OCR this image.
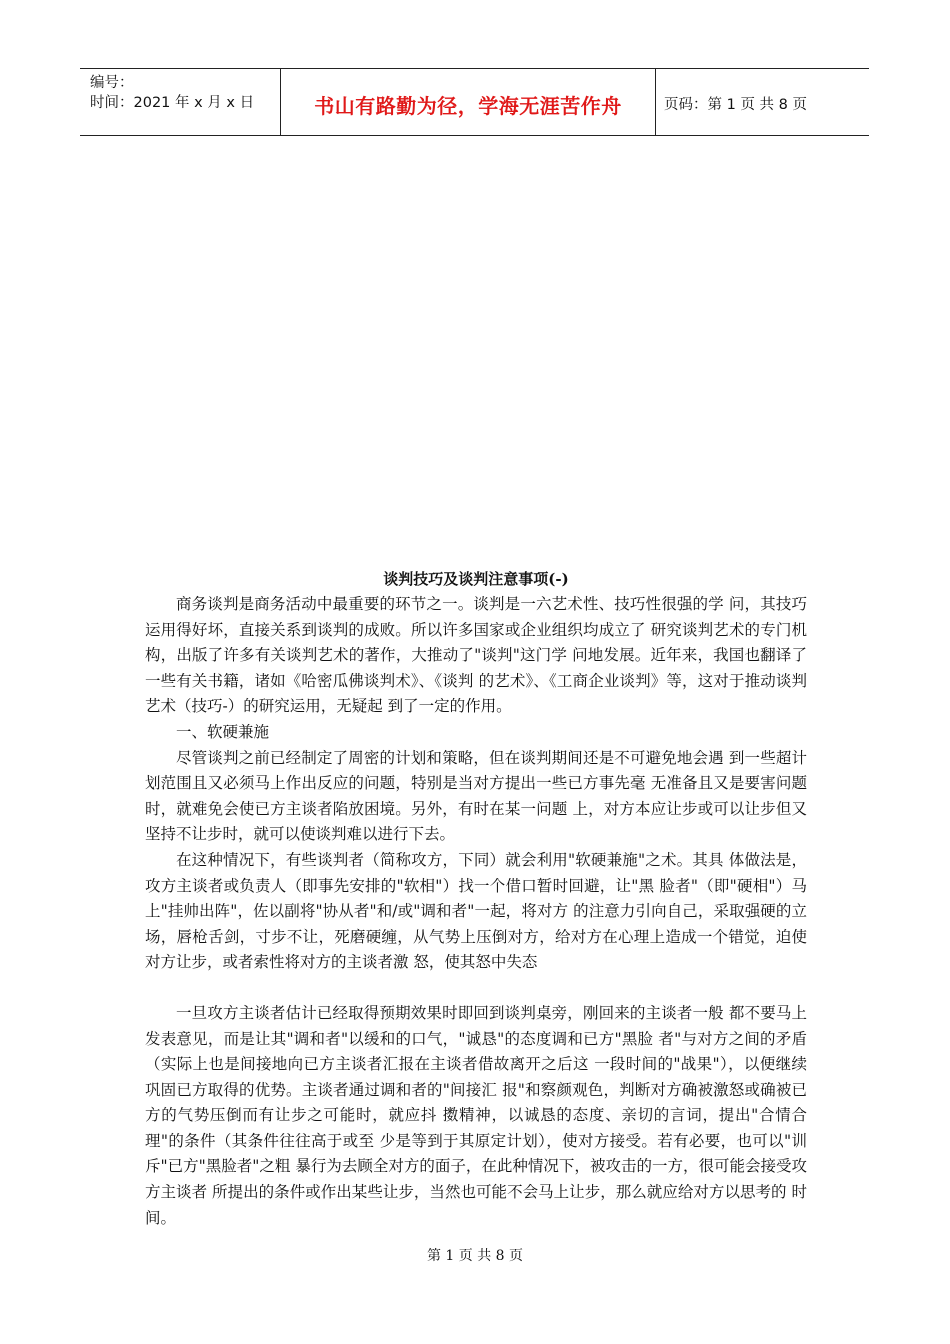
编号：
时间：2021 年 x 月 x 日	书山有路勤为径，学海无涯苦作舟	页码：第 1 页 共 8 页
谈判技巧及谈判注意事项(-)

商务谈判是商务活动中最重要的环节之一。谈判是一六艺术性、技巧性很强的学 问，其技巧运用得好坏，直接关系到谈判的成败。所以许多国家或企业组织均成立了 研究谈判艺术的专门机构，出版了许多有关谈判艺术的著作，大推动了"谈判"这门学 问地发展。近年来，我国也翻译了一些有关书籍，诸如《哈密瓜佛谈判术》、《谈判 的艺术》、《工商企业谈判》等，这对于推动谈判艺术（技巧-）的研究运用，无疑起 到了一定的作用。

一、软硬兼施

尽管谈判之前已经制定了周密的计划和策略，但在谈判期间还是不可避免地会遇 到一些超计划范围且又必须马上作出反应的问题，特别是当对方提出一些已方事先毫 无准备且又是要害问题时，就难免会使已方主谈者陷放困境。另外，有时在某一问题 上，对方本应让步或可以让步但又坚持不让步时，就可以使谈判难以进行下去。

在这种情况下，有些谈判者（简称攻方，下同）就会利用"软硬兼施"之术。其具 体做法是，攻方主谈者或负责人（即事先安排的"软相"）找一个借口暂时回避，让"黑 脸者"（即"硬相"）马上"挂帅出阵"，佐以副将"协从者"和/或"调和者"一起，将对方 的注意力引向自己，采取强硬的立场，唇枪舌剑，寸步不让，死磨硬缠，从气势上压倒对方，给对方在心理上造成一个错觉，迫使对方让步，或者索性将对方的主谈者激 怒，使其怒中失态

一旦攻方主谈者估计已经取得预期效果时即回到谈判桌旁，刚回来的主谈者一般 都不要马上发表意见，而是让其"调和者"以缓和的口气，"诚恳"的态度调和已方"黑脸 者"与对方之间的矛盾（实际上也是间接地向已方主谈者汇报在主谈者借故离开之后这 一段时间的"战果"），以便继续巩固已方取得的优势。主谈者通过调和者的"间接汇 报"和察颜观色，判断对方确被激怒或确被已方的气势压倒而有让步之可能时，就应抖 擞精神，以诚恳的态度、亲切的言词，提出"合情合理"的条件（其条件往往高于或至 少是等到于其原定计划），使对方接受。若有必要，也可以"训斥"已方"黑脸者"之粗 暴行为去顾全对方的面子，在此种情况下，被攻击的一方，很可能会接受攻方主谈者 所提出的条件或作出某些让步，当然也可能不会马上让步，那么就应给对方以思考的 时间。

第 1 页 共 8 页
